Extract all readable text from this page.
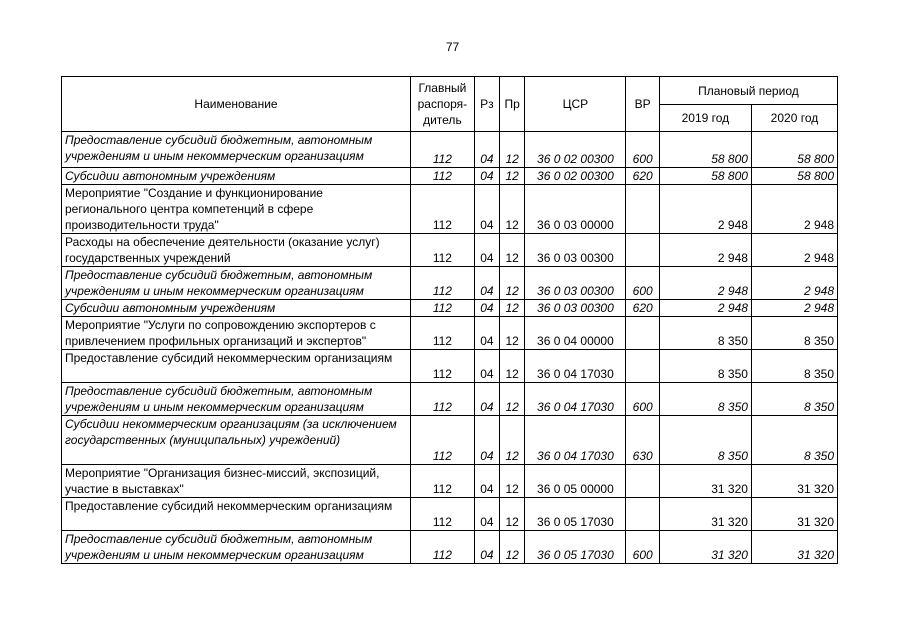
77
Наименование	Главный распоря-дитель	Рз	Пр	ЦСР	ВР	Плановый период	
						2019 год	2020 год
Предоставление субсидий бюджетным, автономным учреждениям и иным некоммерческим организациям	112	04	12	36 0 02 00300	600	58 800	58 800
Субсидии автономным учреждениям	112	04	12	36 0 02 00300	620	58 800	58 800
Мероприятие "Создание и функционирование регионального центра компетенций в сфере производительности труда"	112	04	12	36 0 03 00000		2 948	2 948
Расходы на обеспечение деятельности (оказание услуг) государственных учреждений	112	04	12	36 0 03 00300		2 948	2 948
Предоставление субсидий бюджетным, автономным учреждениям и иным некоммерческим организациям	112	04	12	36 0 03 00300	600	2 948	2 948
Субсидии автономным учреждениям	112	04	12	36 0 03 00300	620	2 948	2 948
Мероприятие "Услуги по сопровождению экспортеров с привлечением профильных организаций и экспертов"	112	04	12	36 0 04 00000		8 350	8 350
Предоставление субсидий некоммерческим организациям	112	04	12	36 0 04 17030		8 350	8 350
Предоставление субсидий бюджетным, автономным учреждениям и иным некоммерческим организациям	112	04	12	36 0 04 17030	600	8 350	8 350
Субсидии некоммерческим организациям (за исключением государственных (муниципальных) учреждений)	112	04	12	36 0 04 17030	630	8 350	8 350
Мероприятие "Организация бизнес-миссий, экспозиций, участие в выставках"	112	04	12	36 0 05 00000		31 320	31 320
Предоставление субсидий некоммерческим организациям	112	04	12	36 0 05 17030		31 320	31 320
Предоставление субсидий бюджетным, автономным учреждениям и иным некоммерческим организациям	112	04	12	36 0 05 17030	600	31 320	31 320
